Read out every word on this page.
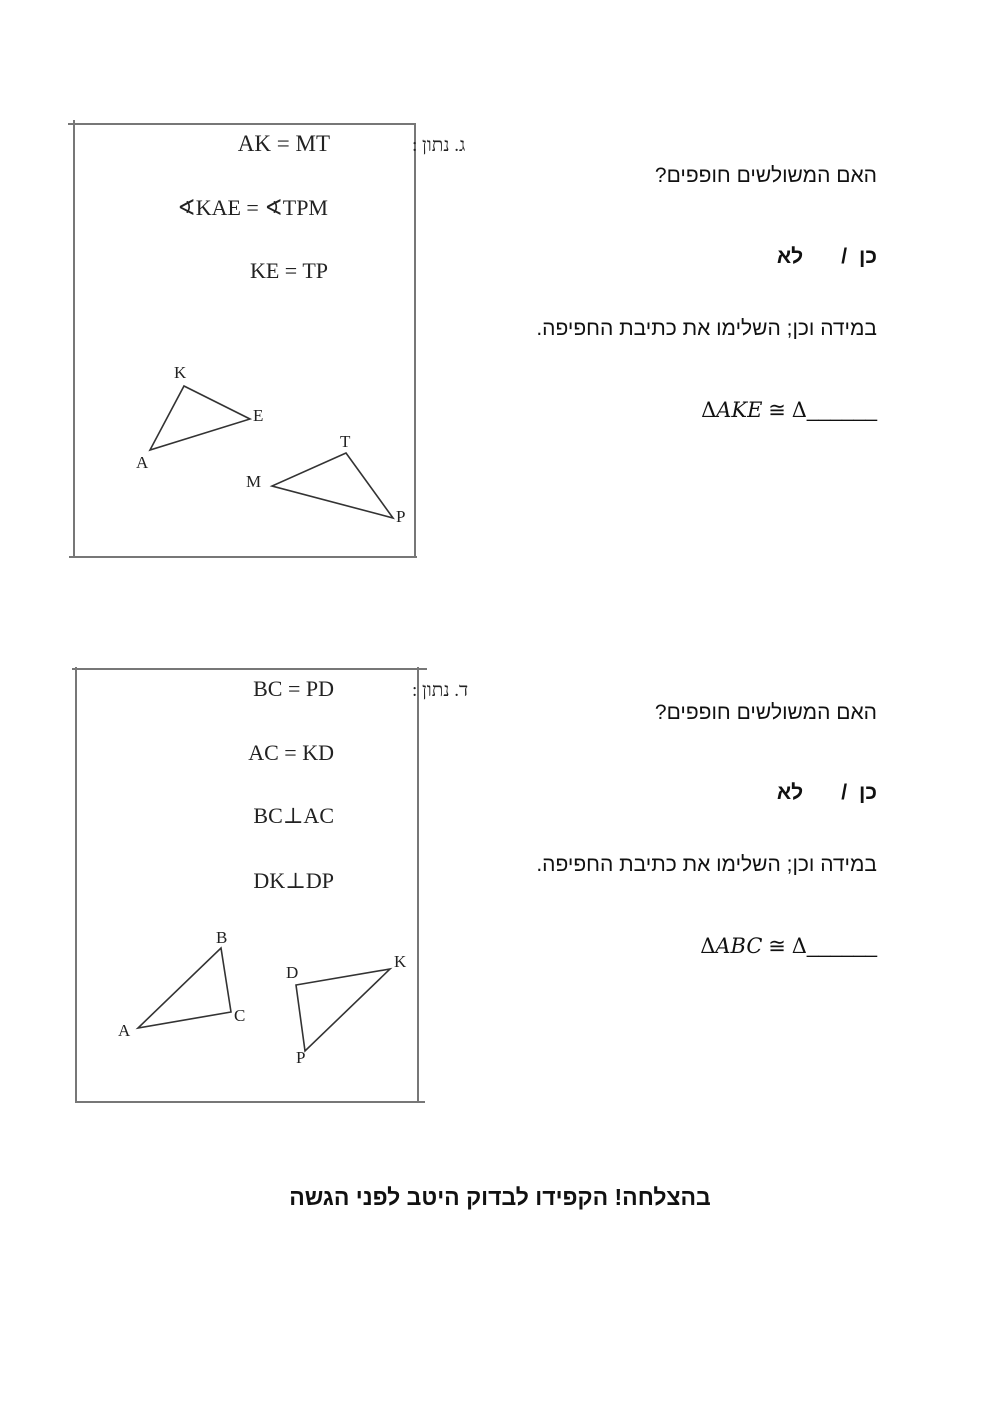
AK = MT	ג. נתון :
∢KAE = ∢TPM
KE = TP
K
E
A
T
M
P
האם המשולשים חופפים?
כן/לא
במידה וכן; השלימו את כתיבת החפיפה.
ΔAKE ≅ Δ______
BC = PD	ד. נתון :
AC = KD
BC⊥AC
DK⊥DP
B
A
C
D
K
P
האם המשולשים חופפים?
כן/לא
במידה וכן; השלימו את כתיבת החפיפה.
ΔABC ≅ Δ______
בהצלחה! הקפידו לבדוק היטב לפני הגשה
